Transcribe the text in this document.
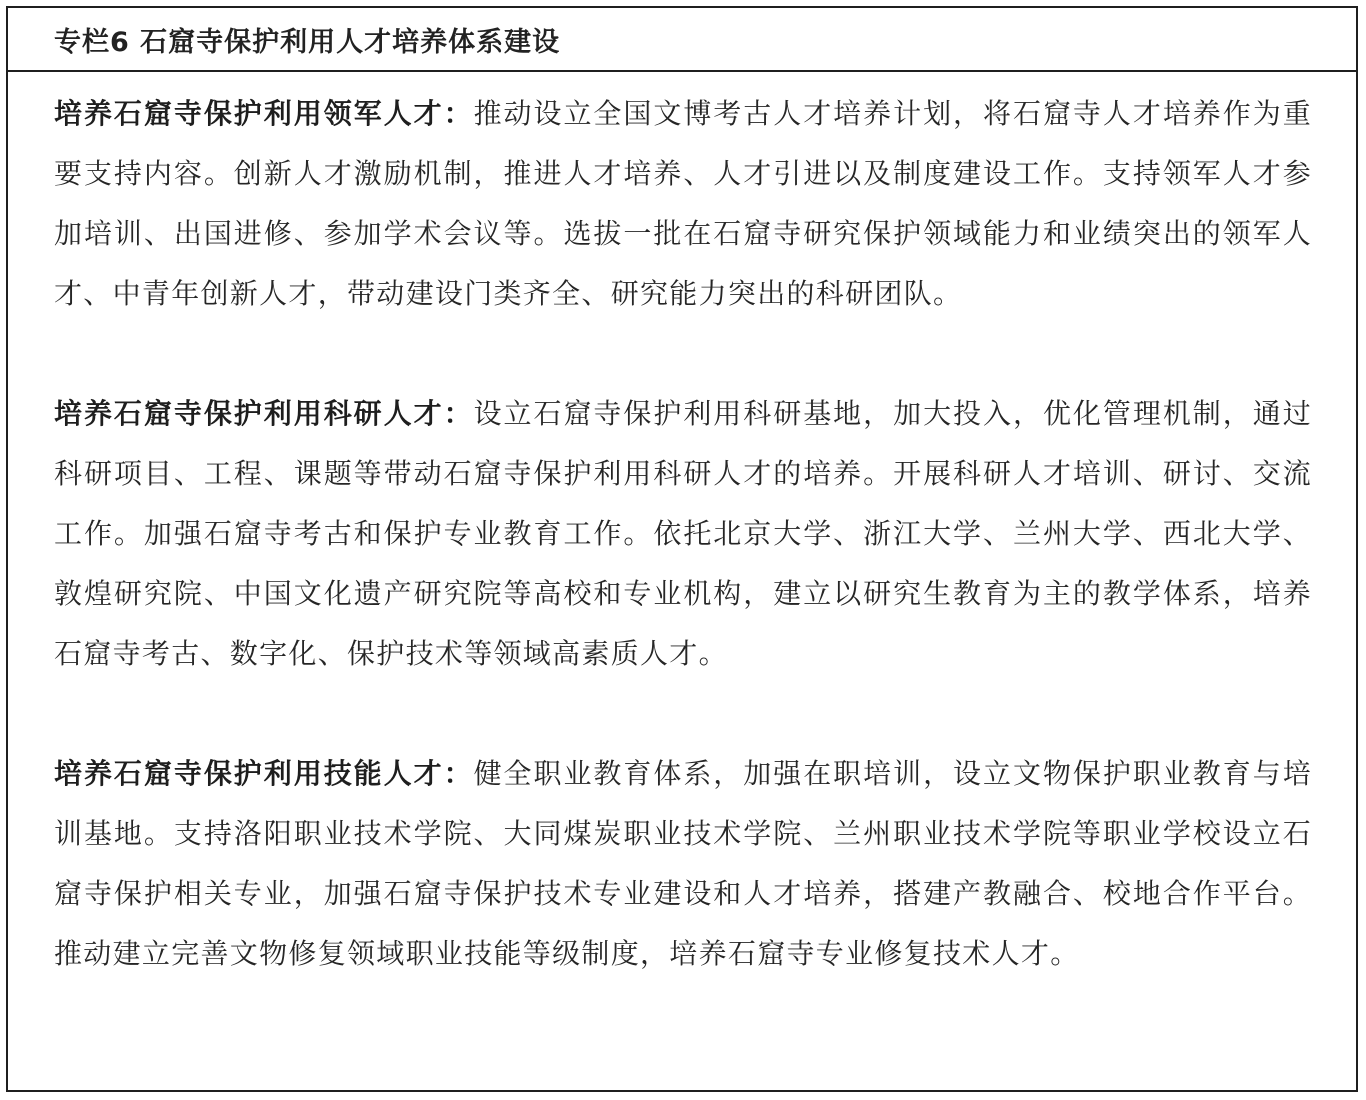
专栏6 石窟寺保护利用人才培养体系建设

培养石窟寺保护利用领军人才：推动设立全国文博考古人才培养计划，将石窟寺人才培养作为重要支持内容。创新人才激励机制，推进人才培养、人才引进以及制度建设工作。支持领军人才参加培训、出国进修、参加学术会议等。选拔一批在石窟寺研究保护领域能力和业绩突出的领军人才、中青年创新人才，带动建设门类齐全、研究能力突出的科研团队。

培养石窟寺保护利用科研人才：设立石窟寺保护利用科研基地，加大投入，优化管理机制，通过科研项目、工程、课题等带动石窟寺保护利用科研人才的培养。开展科研人才培训、研讨、交流工作。加强石窟寺考古和保护专业教育工作。依托北京大学、浙江大学、兰州大学、西北大学、敦煌研究院、中国文化遗产研究院等高校和专业机构，建立以研究生教育为主的教学体系，培养石窟寺考古、数字化、保护技术等领域高素质人才。

培养石窟寺保护利用技能人才：健全职业教育体系，加强在职培训，设立文物保护职业教育与培训基地。支持洛阳职业技术学院、大同煤炭职业技术学院、兰州职业技术学院等职业学校设立石窟寺保护相关专业，加强石窟寺保护技术专业建设和人才培养，搭建产教融合、校地合作平台。推动建立完善文物修复领域职业技能等级制度，培养石窟寺专业修复技术人才。
